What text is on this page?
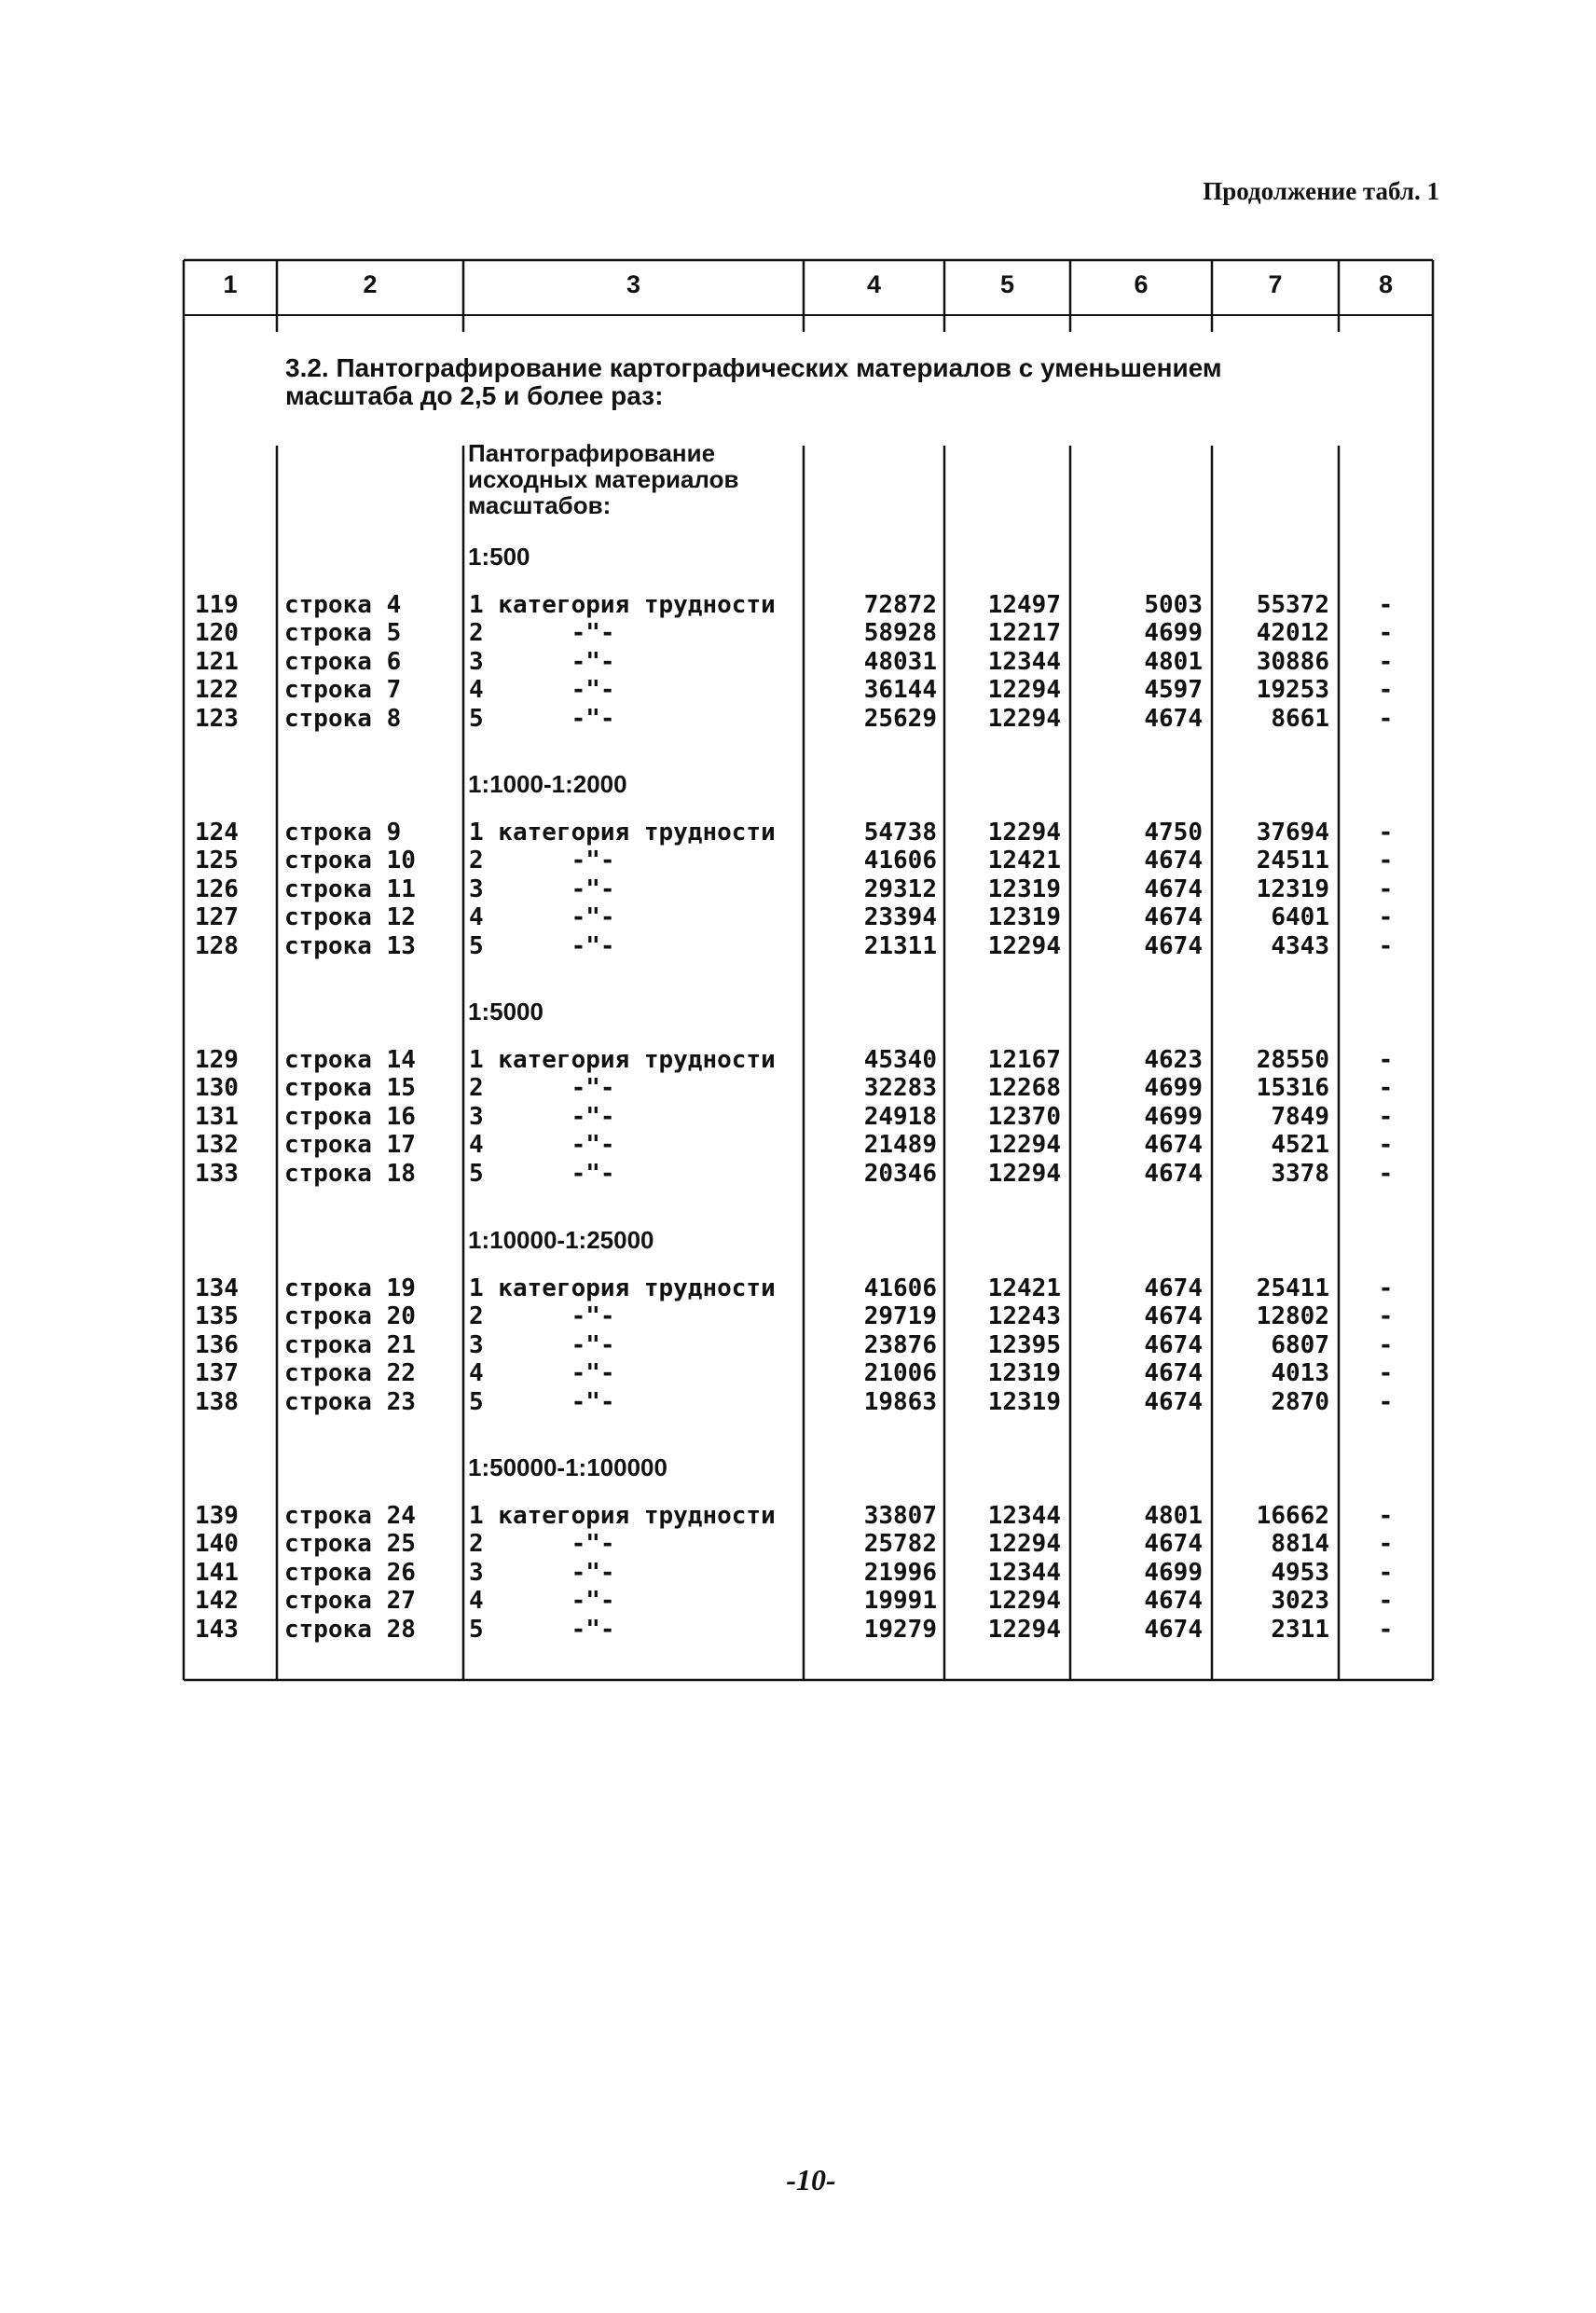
Продолжение табл. 1
1	2	3	4	5	6	7	8
3.2. Пантографирование картографических материалов с уменьшением
масштаба до 2,5 и более раз:
Пантографирование исходных материалов масштабов:
1:500
119	строка 4	1 категория трудности	72872	12497	5003	55372	-
120	строка 5	2      -"-	58928	12217	4699	42012	-
121	строка 6	3      -"-	48031	12344	4801	30886	-
122	строка 7	4      -"-	36144	12294	4597	19253	-
123	строка 8	5      -"-	25629	12294	4674	8661	-
1:1000-1:2000
124	строка 9	1 категория трудности	54738	12294	4750	37694	-
125	строка 10	2      -"-	41606	12421	4674	24511	-
126	строка 11	3      -"-	29312	12319	4674	12319	-
127	строка 12	4      -"-	23394	12319	4674	6401	-
128	строка 13	5      -"-	21311	12294	4674	4343	-
1:5000
129	строка 14	1 категория трудности	45340	12167	4623	28550	-
130	строка 15	2      -"-	32283	12268	4699	15316	-
131	строка 16	3      -"-	24918	12370	4699	7849	-
132	строка 17	4      -"-	21489	12294	4674	4521	-
133	строка 18	5      -"-	20346	12294	4674	3378	-
1:10000-1:25000
134	строка 19	1 категория трудности	41606	12421	4674	25411	-
135	строка 20	2      -"-	29719	12243	4674	12802	-
136	строка 21	3      -"-	23876	12395	4674	6807	-
137	строка 22	4      -"-	21006	12319	4674	4013	-
138	строка 23	5      -"-	19863	12319	4674	2870	-
1:50000-1:100000
139	строка 24	1 категория трудности	33807	12344	4801	16662	-
140	строка 25	2      -"-	25782	12294	4674	8814	-
141	строка 26	3      -"-	21996	12344	4699	4953	-
142	строка 27	4      -"-	19991	12294	4674	3023	-
143	строка 28	5      -"-	19279	12294	4674	2311	-
-10-
